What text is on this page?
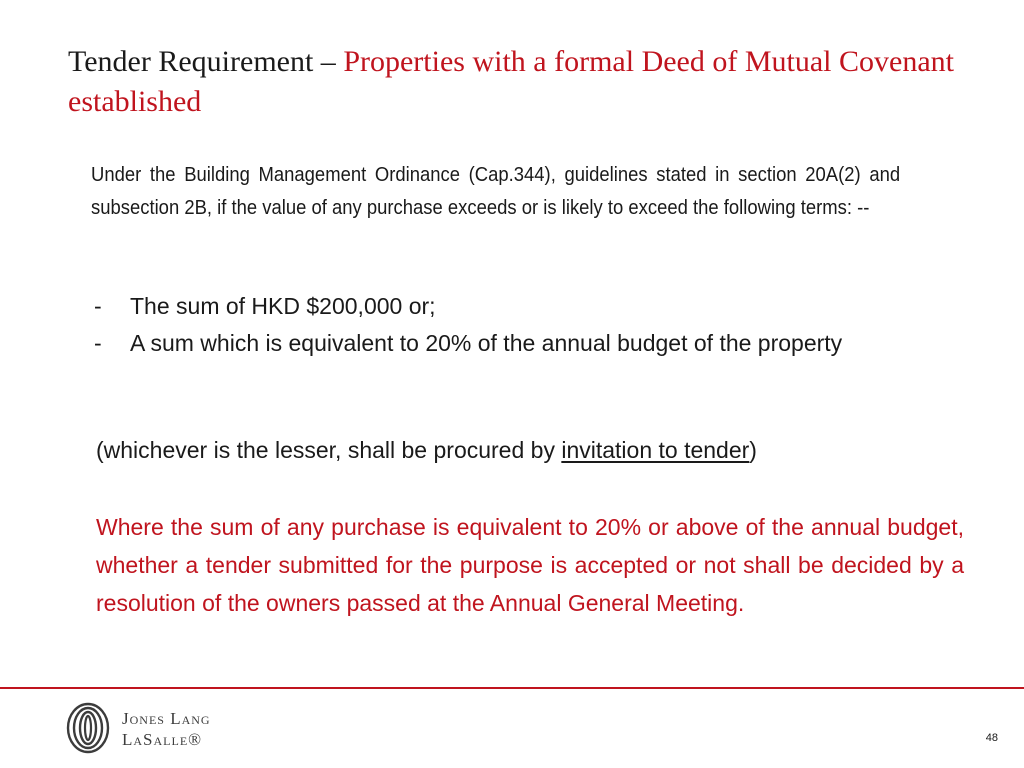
Tender Requirement – Properties with a formal Deed of Mutual Covenant established
Under the Building Management Ordinance (Cap.344), guidelines stated in section 20A(2) and subsection 2B, if the value of any purchase exceeds or is likely to exceed the following terms: --
- The sum of HKD $200,000 or;
- A sum which is equivalent to 20% of the annual budget of the property
(whichever is the lesser, shall be procured by invitation to tender)
Where the sum of any purchase is equivalent to 20% or above of the annual budget, whether a tender submitted for the purpose is accepted or not shall be decided by a resolution of the owners passed at the Annual General Meeting.
Jones Lang
LaSalle®	48
